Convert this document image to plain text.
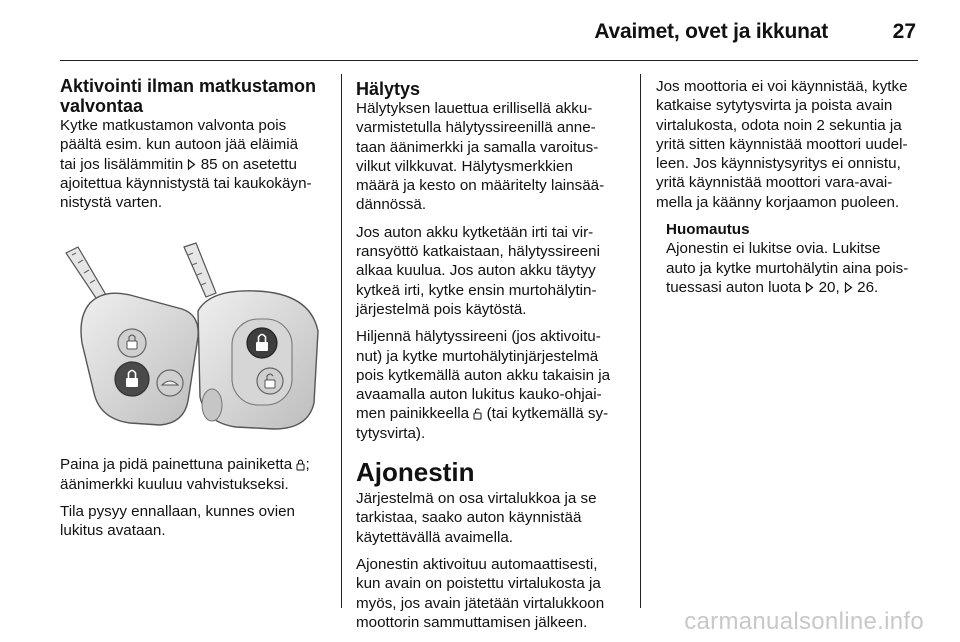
Avaimet, ovet ja ikkunat	27
Aktivointi ilman matkustamon
valvontaa
Kytke matkustamon valvonta pois
päältä esim. kun autoon jää eläimiä
tai jos lisälämmitin 85 on asetettu
ajoitettua käynnistystä tai kaukokäyn-
nistystä varten.
Paina ja pidä painettuna painiketta ;
äänimerkki kuuluu vahvistukseksi.
Tila pysyy ennallaan, kunnes ovien
lukitus avataan.
Hälytys
Hälytyksen lauettua erillisellä akku-
varmistetulla hälytyssireenillä anne-
taan äänimerkki ja samalla varoitus-
vilkut vilkkuvat. Hälytysmerkkien
määrä ja kesto on määritelty lainsää-
dännössä.
Jos auton akku kytketään irti tai vir-
ransyöttö katkaistaan, hälytyssireeni
alkaa kuulua. Jos auton akku täytyy
kytkeä irti, kytke ensin murtohälytin-
järjestelmä pois käytöstä.
Hiljennä hälytyssireeni (jos aktivoitu-
nut) ja kytke murtohälytinjärjestelmä
pois kytkemällä auton akku takaisin ja
avaamalla auton lukitus kauko-ohjai-
men painikkeella (tai kytkemällä sy-
tytysvirta).
Ajonestin
Järjestelmä on osa virtalukkoa ja se
tarkistaa, saako auton käynnistää
käytettävällä avaimella.
Ajonestin aktivoituu automaattisesti,
kun avain on poistettu virtalukosta ja
myös, jos avain jätetään virtalukkoon
moottorin sammuttamisen jälkeen.
Jos moottoria ei voi käynnistää, kytke
katkaise sytytysvirta ja poista avain
virtalukosta, odota noin 2 sekuntia ja
yritä sitten käynnistää moottori uudel-
leen. Jos käynnistysyritys ei onnistu,
yritä käynnistää moottori vara-avai-
mella ja käänny korjaamon puoleen.
Huomautus
Ajonestin ei lukitse ovia. Lukitse
auto ja kytke murtohälytin aina pois-
tuessasi auton luota 20, 26.
carmanualsonline.info
